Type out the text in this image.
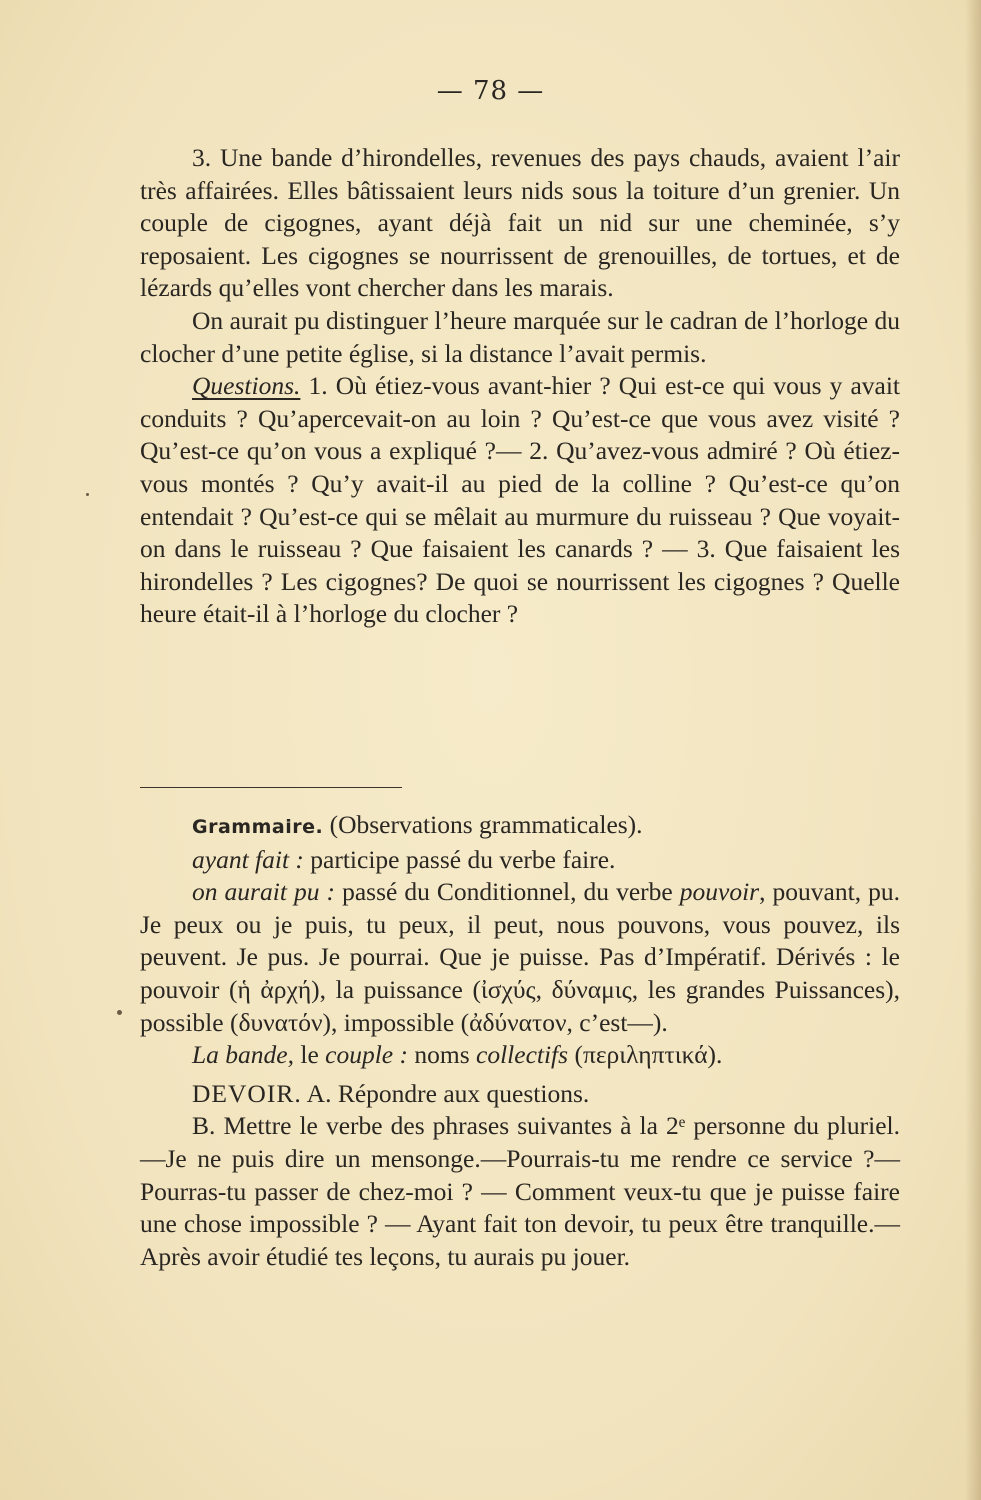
— 78 —

3. Une bande d’hirondelles, revenues des pays chauds, avaient l’air très affairées. Elles bâtissaient leurs nids sous la toiture d’un grenier. Un couple de cigognes, ayant déjà fait un nid sur une cheminée, s’y reposaient. Les cigognes se nourrissent de grenouilles, de tortues, et de lézards qu’elles vont chercher dans les marais.

On aurait pu distinguer l’heure marquée sur le cadran de l’horloge du clocher d’une petite église, si la distance l’avait permis.

Questions. 1. Où étiez-vous avant-hier ? Qui est-ce qui vous y avait conduits ? Qu’apercevait-on au loin ? Qu’est-ce que vous avez visité ? Qu’est-ce qu’on vous a expliqué ?— 2. Qu’avez-vous admiré ? Où étiez-vous montés ? Qu’y avait-il au pied de la colline ? Qu’est-ce qu’on entendait ? Qu’est-ce qui se mêlait au murmure du ruisseau ? Que voyait-on dans le ruisseau ? Que faisaient les canards ? — 3. Que faisaient les hirondelles ? Les cigognes? De quoi se nourrissent les cigognes ? Quelle heure était-il à l’horloge du clocher ?

Grammaire. (Observations grammaticales).

ayant fait : participe passé du verbe faire.

on aurait pu : passé du Conditionnel, du verbe pouvoir, pouvant, pu. Je peux ou je puis, tu peux, il peut, nous pouvons, vous pouvez, ils peuvent. Je pus. Je pourrai. Que je puisse. Pas d’Impératif. Dérivés : le pouvoir (ἡ ἀρχή), la puissance (ἰσχύς, δύναμις, les grandes Puissances), possible (δυνατόν), impossible (ἀδύνατον, c’est—).

La bande, le couple : noms collectifs (περιληπτικά).

DEVOIR. A. Répondre aux questions.

B. Mettre le verbe des phrases suivantes à la 2ᵉ personne du pluriel.—Je ne puis dire un mensonge.—Pourrais-tu me rendre ce service ?—Pourras-tu passer de chez-moi ? — Comment veux-tu que je puisse faire une chose impossible ? — Ayant fait ton devoir, tu peux être tranquille.—Après avoir étudié tes leçons, tu aurais pu jouer.
